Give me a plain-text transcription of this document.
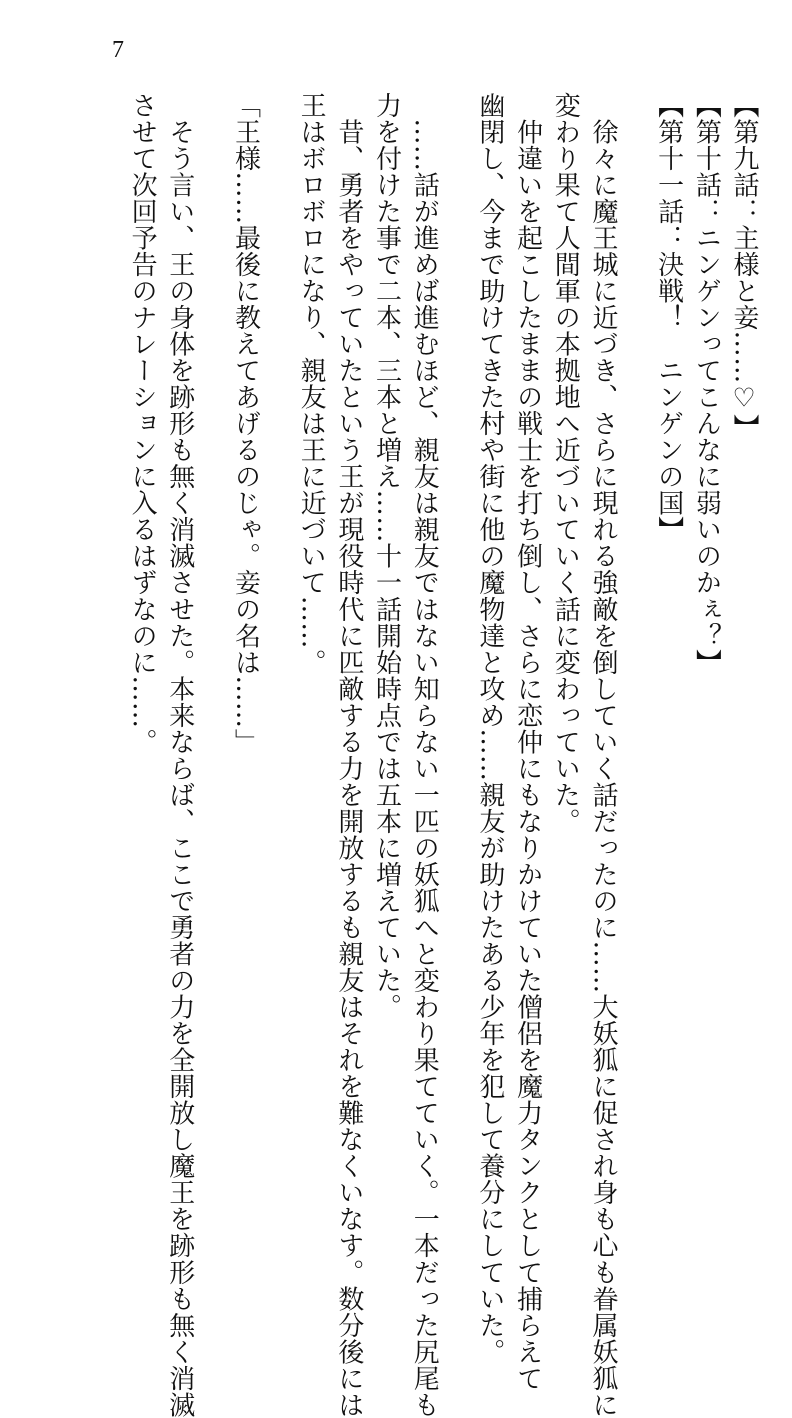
7
【第九話：主様と妾……♡】
【第十話：ニンゲンってこんなに弱いのかぇ？】
【第十一話：決戦！　ニンゲンの国】
　徐々に魔王城に近づき、さらに現れる強敵を倒していく話だったのに……大妖狐に促され身も心も眷属妖狐に
変わり果て人間軍の本拠地へ近づいていく話に変わっていた。
　仲違いを起こしたままの戦士を打ち倒し、さらに恋仲にもなりかけていた僧侶を魔力タンクとして捕らえて
幽閉し、今まで助けてきた村や街に他の魔物達と攻め……親友が助けたある少年を犯して養分にしていた。
　……話が進めば進むほど、親友は親友ではない知らない一匹の妖狐へと変わり果てていく。一本だった尻尾も
力を付けた事で二本、三本と増え……十一話開始時点では五本に増えていた。
　昔、勇者をやっていたという王が現役時代に匹敵する力を開放するも親友はそれを難なくいなす。数分後には
王はボロボロになり、親友は王に近づいて……。
「王様……最後に教えてあげるのじゃ。妾の名は……」
　そう言い、王の身体を跡形も無く消滅させた。本来ならば、ここで勇者の力を全開放し魔王を跡形も無く消滅
させて次回予告のナレーションに入るはずなのに……。
